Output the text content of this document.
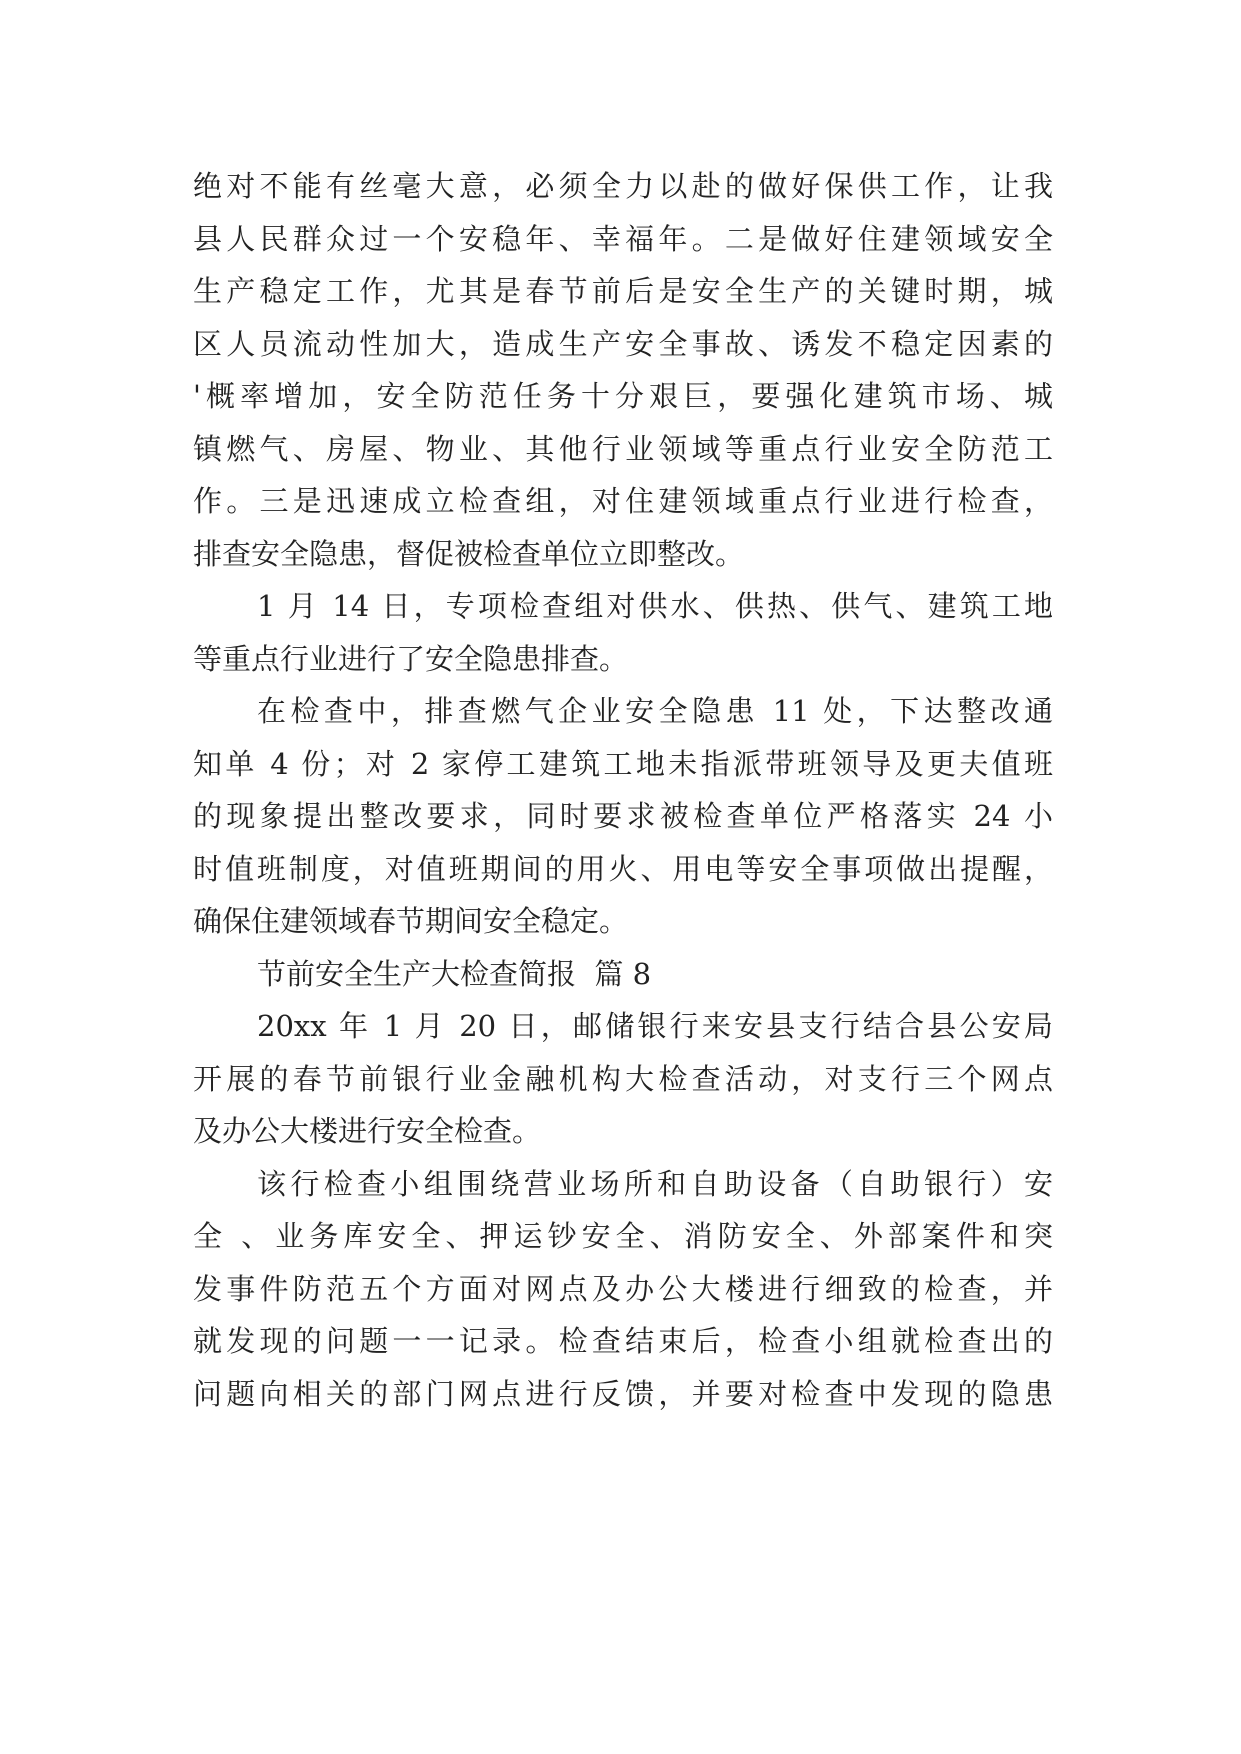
绝对不能有丝毫大意，必须全力以赴的做好保供工作，让我
县人民群众过一个安稳年、幸福年。二是做好住建领域安全
生产稳定工作，尤其是春节前后是安全生产的关键时期，城
区人员流动性加大，造成生产安全事故、诱发不稳定因素的
'概率增加，安全防范任务十分艰巨，要强化建筑市场、城
镇燃气、房屋、物业、其他行业领域等重点行业安全防范工
作。三是迅速成立检查组，对住建领域重点行业进行检查，
排查安全隐患，督促被检查单位立即整改。
1 月 14 日，专项检查组对供水、供热、供气、建筑工地
等重点行业进行了安全隐患排查。
在检查中，排查燃气企业安全隐患 11 处，下达整改通
知单 4 份；对 2 家停工建筑工地未指派带班领导及更夫值班
的现象提出整改要求，同时要求被检查单位严格落实 24 小
时值班制度，对值班期间的用火、用电等安全事项做出提醒，
确保住建领域春节期间安全稳定。
节前安全生产大检查简报  篇 8
20xx 年 1 月 20 日，邮储银行来安县支行结合县公安局
开展的春节前银行业金融机构大检查活动，对支行三个网点
及办公大楼进行安全检查。
该行检查小组围绕营业场所和自助设备（自助银行）安
全 、业务库安全、押运钞安全、消防安全、外部案件和突
发事件防范五个方面对网点及办公大楼进行细致的检查，并
就发现的问题一一记录。检查结束后，检查小组就检查出的
问题向相关的部门网点进行反馈，并要对检查中发现的隐患
